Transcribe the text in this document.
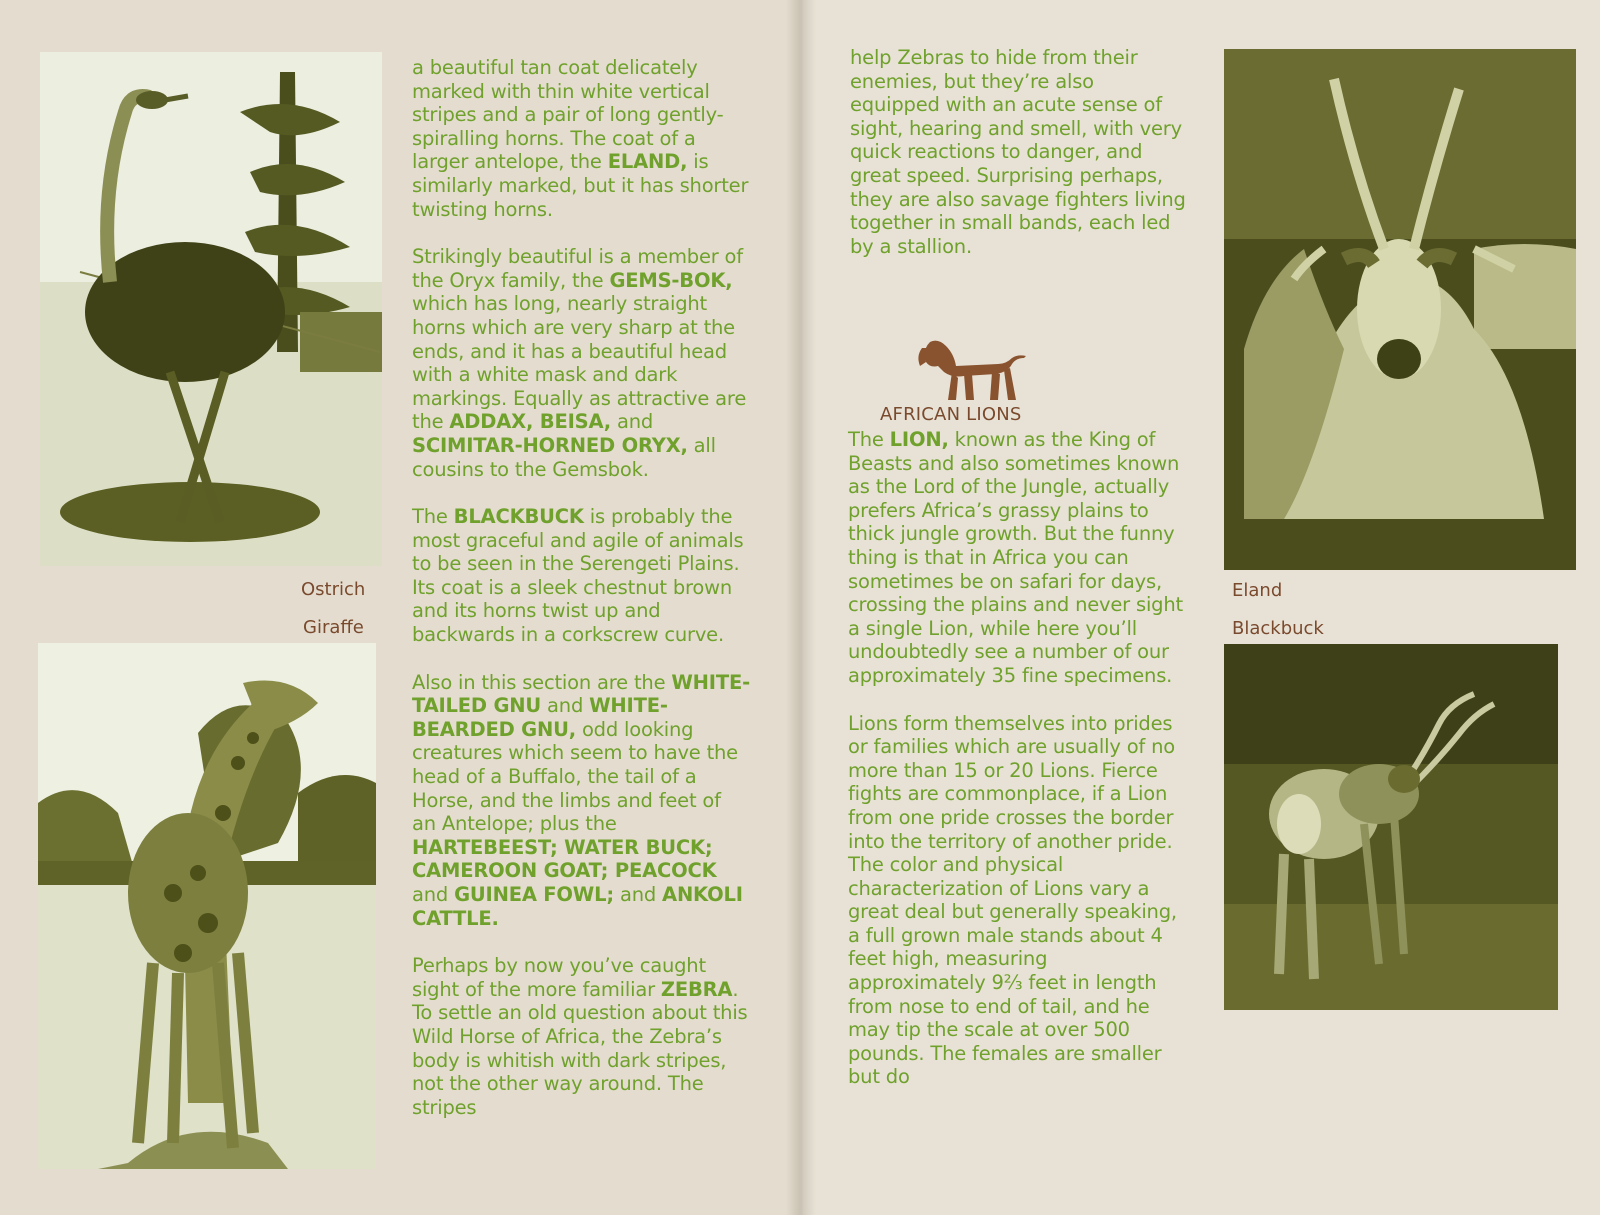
Ostrich
Giraffe

a beautiful tan coat delicately marked with thin white vertical stripes and a pair of long gently-spiralling horns. The coat of a larger antelope, the ELAND, is similarly marked, but it has shorter twisting horns.

Strikingly beautiful is a member of the Oryx family, the GEMS-BOK, which has long, nearly straight horns which are very sharp at the ends, and it has a beautiful head with a white mask and dark markings. Equally as attractive are the ADDAX, BEISA, and SCIMITAR-HORNED ORYX, all cousins to the Gemsbok.

The BLACKBUCK is probably the most graceful and agile of animals to be seen in the Serengeti Plains. Its coat is a sleek chestnut brown and its horns twist up and backwards in a corkscrew curve.

Also in this section are the WHITE-TAILED GNU and WHITE-BEARDED GNU, odd looking creatures which seem to have the head of a Buffalo, the tail of a Horse, and the limbs and feet of an Antelope; plus the HARTEBEEST; WATER BUCK; CAMEROON GOAT; PEACOCK and GUINEA FOWL; and ANKOLI CATTLE.

Perhaps by now you’ve caught sight of the more familiar ZEBRA. To settle an old question about this Wild Horse of Africa, the Zebra’s body is whitish with dark stripes, not the other way around. The stripes

help Zebras to hide from their enemies, but they’re also equipped with an acute sense of sight, hearing and smell, with very quick reactions to danger, and great speed. Surprising perhaps, they are also savage fighters living together in small bands, each led by a stallion.

AFRICAN LIONS

The LION, known as the King of Beasts and also sometimes known as the Lord of the Jungle, actually prefers Africa’s grassy plains to thick jungle growth. But the funny thing is that in Africa you can sometimes be on safari for days, crossing the plains and never sight a single Lion, while here you’ll undoubtedly see a number of our approximately 35 fine specimens.

Lions form themselves into prides or families which are usually of no more than 15 or 20 Lions. Fierce fights are commonplace, if a Lion from one pride crosses the border into the territory of another pride. The color and physical characterization of Lions vary a great deal but generally speaking, a full grown male stands about 4 feet high, measuring approximately 9⅔ feet in length from nose to end of tail, and he may tip the scale at over 500 pounds. The females are smaller but do

Eland
Blackbuck
